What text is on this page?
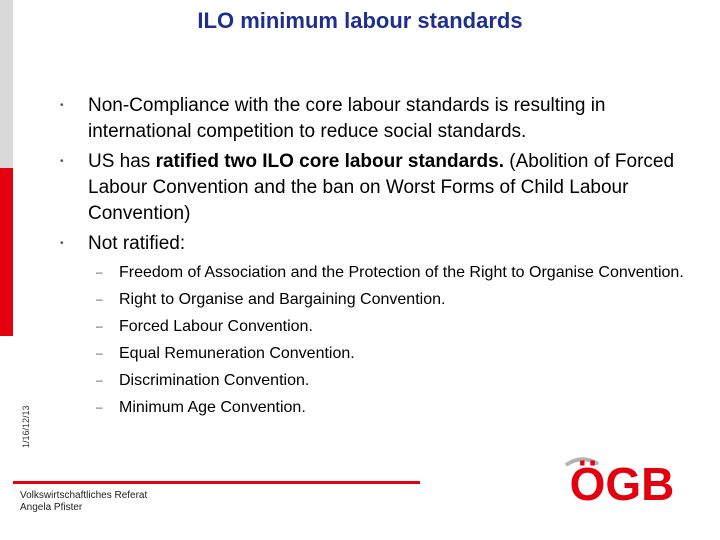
ILO minimum labour standards
1/16/12/13
• Non-Compliance with the core labour standards is resulting in international competition to reduce social standards.
• US has ratified two ILO core labour standards. (Abolition of Forced Labour Convention and the ban on Worst Forms of Child Labour Convention)
• Not ratified:
– Freedom of Association and the Protection of the Right to Organise Convention.
– Right to Organise and Bargaining Convention.
– Forced Labour Convention.
– Equal Remuneration Convention.
– Discrimination Convention.
– Minimum Age Convention.
Volkswirtschaftliches Referat
Angela Pfister	ÖGB
